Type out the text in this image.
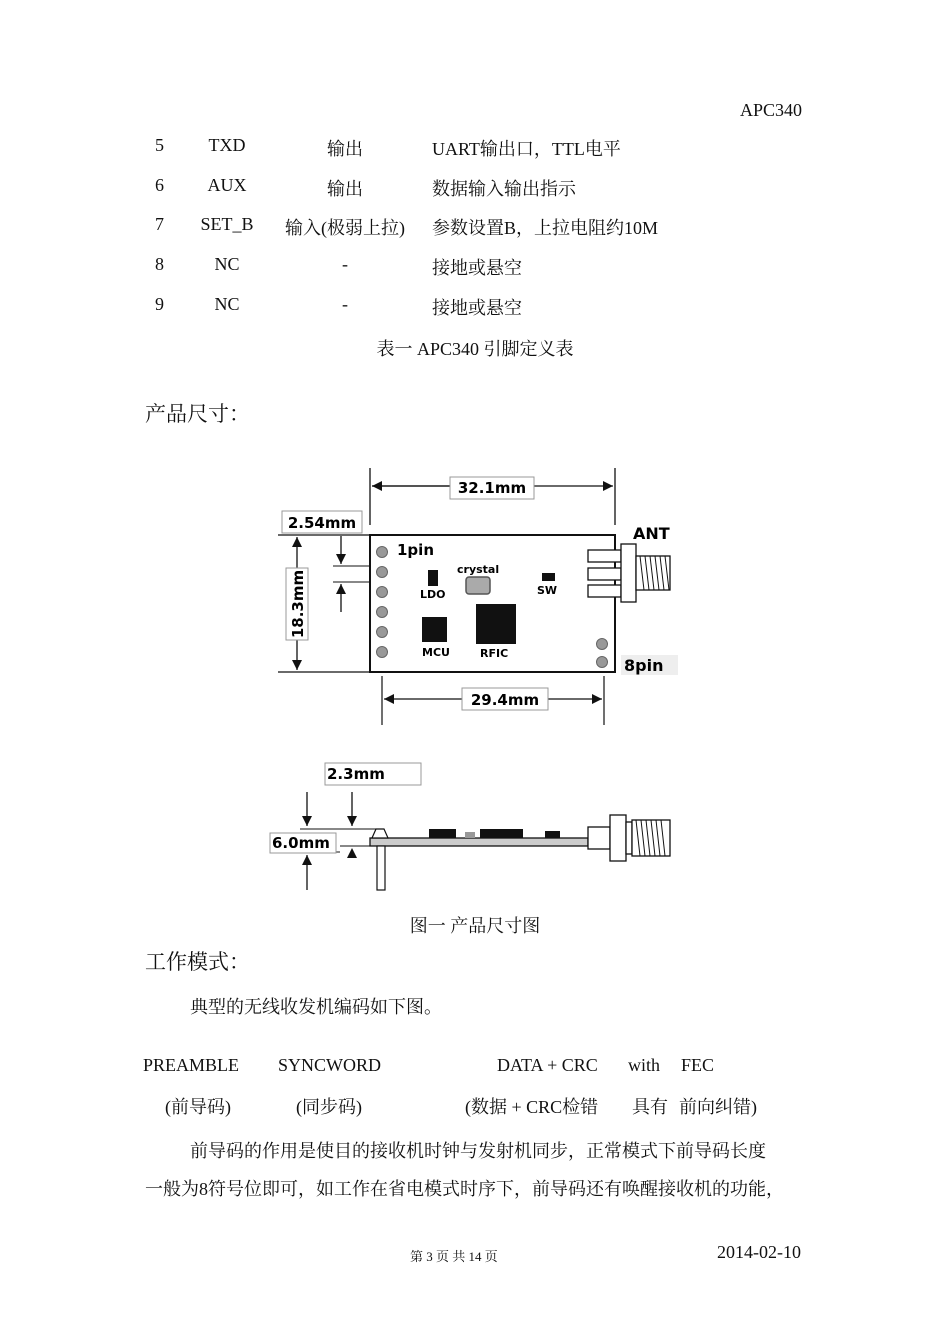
APC340
5	TXD	输出	UART输出口，TTL电平
6	AUX	输出	数据输入输出指示
7 SET_B	输入(极弱上拉)	参数设置B，上拉电阻约10M
8	NC	-	接地或悬空
9	NC	-	接地或悬空
表一 APC340 引脚定义表
产品尺寸：
32.1mm
2.54mm
18.3mm
1pin
crystal
LDO	SW
MCU	RFIC
ANT
8pin
29.4mm
2.3mm
6.0mm
图一 产品尺寸图
工作模式：
典型的无线收发机编码如下图。
PREAMBLE SYNCWORD	DATA + CRC with FEC
(前导码)	(同步码)	(数据 + CRC检错 具有 前向纠错)
前导码的作用是使目的接收机时钟与发射机同步，正常模式下前导码长度
一般为8符号位即可，如工作在省电模式时序下，前导码还有唤醒接收机的功能，
第 3 页 共 14 页	2014-02-10
